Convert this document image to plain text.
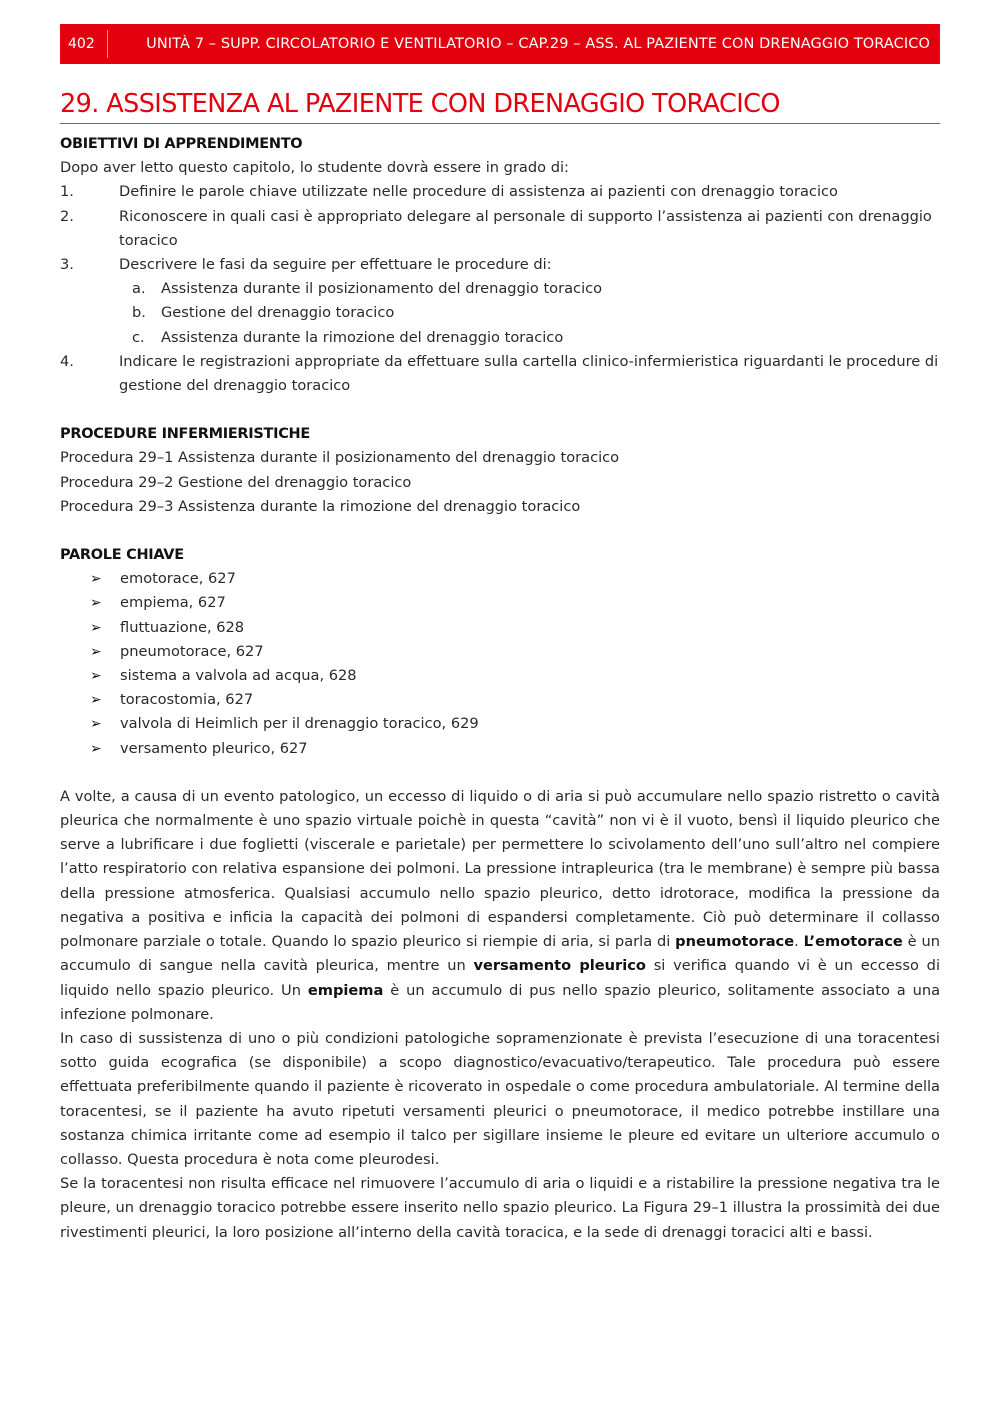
402	UNITÀ 7 – SUPP. CIRCOLATORIO E VENTILATORIO – CAP.29 – ASS. AL PAZIENTE CON DRENAGGIO TORACICO
29. ASSISTENZA AL PAZIENTE CON DRENAGGIO TORACICO

OBIETTIVI DI APPRENDIMENTO

Dopo aver letto questo capitolo, lo studente dovrà essere in grado di:

1.	Definire le parole chiave utilizzate nelle procedure di assistenza ai pazienti con drenaggio toracico
2.	Riconoscere in quali casi è appropriato delegare al personale di supporto l’assistenza ai pazienti con drenaggio toracico
3.	Descrivere le fasi da seguire per effettuare le procedure di:
a. Assistenza durante il posizionamento del drenaggio toracico
b. Gestione del drenaggio toracico
c. Assistenza durante la rimozione del drenaggio toracico
4.	Indicare le registrazioni appropriate da effettuare sulla cartella clinico-infermieristica riguardanti le procedure di gestione del drenaggio toracico

PROCEDURE INFERMIERISTICHE

Procedura 29–1 Assistenza durante il posizionamento del drenaggio toracico

Procedura 29–2 Gestione del drenaggio toracico

Procedura 29–3 Assistenza durante la rimozione del drenaggio toracico

PAROLE CHIAVE

➢ emotorace, 627
➢ empiema, 627
➢ fluttuazione, 628
➢ pneumotorace, 627
➢ sistema a valvola ad acqua, 628
➢ toracostomia, 627
➢ valvola di Heimlich per il drenaggio toracico, 629
➢ versamento pleurico, 627

A volte, a causa di un evento patologico, un eccesso di liquido o di aria si può accumulare nello spazio ristretto o cavità pleurica che normalmente è uno spazio virtuale poichè in questa “cavità” non vi è il vuoto, bensì il liquido pleurico che serve a lubrificare i due foglietti (viscerale e parietale) per permettere lo scivolamento dell’uno sull’altro nel compiere l’atto respiratorio con relativa espansione dei polmoni. La pressione intrapleurica (tra le membrane) è sempre più bassa della pressione atmosferica. Qualsiasi accumulo nello spazio pleurico, detto idrotorace, modifica la pressione da negativa a positiva e inficia la capacità dei polmoni di espandersi completamente. Ciò può determinare il collasso polmonare parziale o totale. Quando lo spazio pleurico si riempie di aria, si parla di pneumotorace. L’emotorace è un accumulo di sangue nella cavità pleurica, mentre un versamento pleurico si verifica quando vi è un eccesso di liquido nello spazio pleurico. Un empiema è un accumulo di pus nello spazio pleurico, solitamente associato a una infezione polmonare.

In caso di sussistenza di uno o più condizioni patologiche sopramenzionate è prevista l’esecuzione di una toracentesi sotto guida ecografica (se disponibile) a scopo diagnostico/evacuativo/terapeutico. Tale procedura può essere effettuata preferibilmente quando il paziente è ricoverato in ospedale o come procedura ambulatoriale. Al termine della toracentesi, se il paziente ha avuto ripetuti versamenti pleurici o pneumotorace, il medico potrebbe instillare una sostanza chimica irritante come ad esempio il talco per sigillare insieme le pleure ed evitare un ulteriore accumulo o collasso. Questa procedura è nota come pleurodesi.

Se la toracentesi non risulta efficace nel rimuovere l’accumulo di aria o liquidi e a ristabilire la pressione negativa tra le pleure, un drenaggio toracico potrebbe essere inserito nello spazio pleurico. La Figura 29–1 illustra la prossimità dei due rivestimenti pleurici, la loro posizione all’interno della cavità toracica, e la sede di drenaggi toracici alti e bassi.
